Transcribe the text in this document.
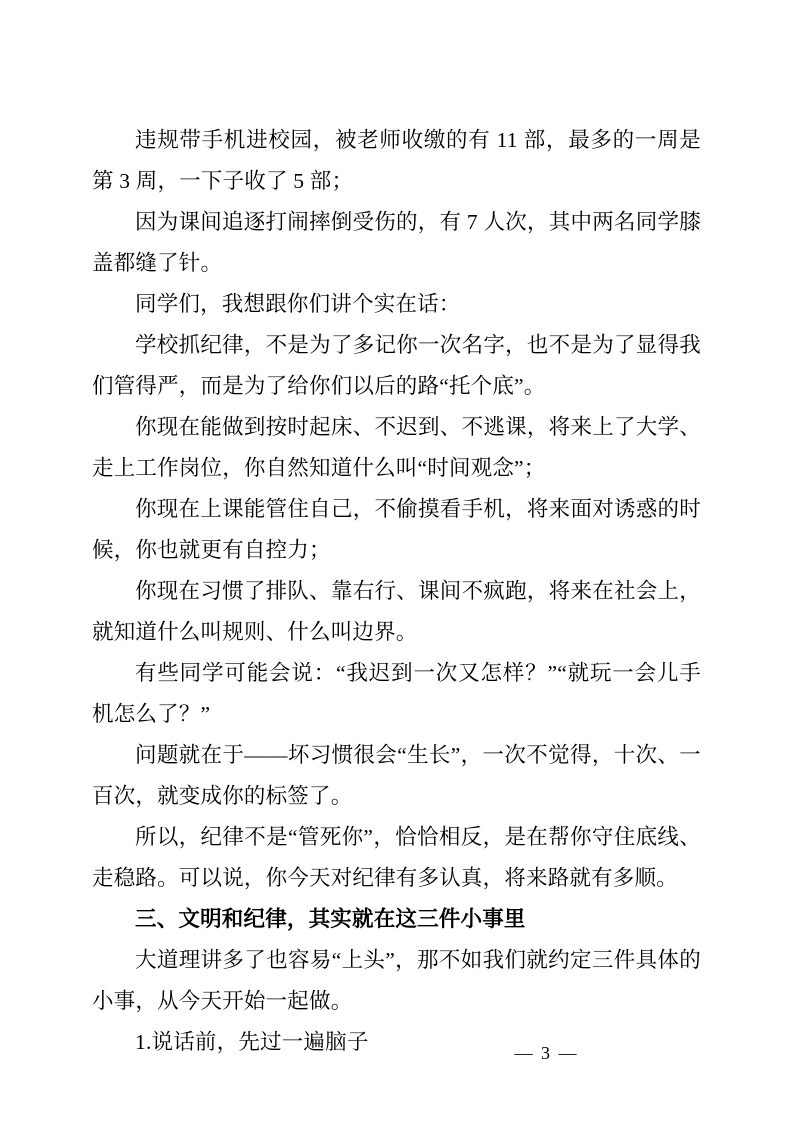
违规带手机进校园，被老师收缴的有 11 部，最多的一周是第 3 周，一下子收了 5 部；

因为课间追逐打闹摔倒受伤的，有 7 人次，其中两名同学膝盖都缝了针。

同学们，我想跟你们讲个实在话：

学校抓纪律，不是为了多记你一次名字，也不是为了显得我们管得严，而是为了给你们以后的路“托个底”。

你现在能做到按时起床、不迟到、不逃课，将来上了大学、走上工作岗位，你自然知道什么叫“时间观念”；

你现在上课能管住自己，不偷摸看手机，将来面对诱惑的时候，你也就更有自控力；

你现在习惯了排队、靠右行、课间不疯跑，将来在社会上，就知道什么叫规则、什么叫边界。

有些同学可能会说：“我迟到一次又怎样？”“就玩一会儿手机怎么了？”

问题就在于——坏习惯很会“生长”，一次不觉得，十次、一百次，就变成你的标签了。

所以，纪律不是“管死你”，恰恰相反，是在帮你守住底线、走稳路。可以说，你今天对纪律有多认真，将来路就有多顺。

三、文明和纪律，其实就在这三件小事里

大道理讲多了也容易“上头”，那不如我们就约定三件具体的小事，从今天开始一起做。

1.说话前，先过一遍脑子	— 3 —
